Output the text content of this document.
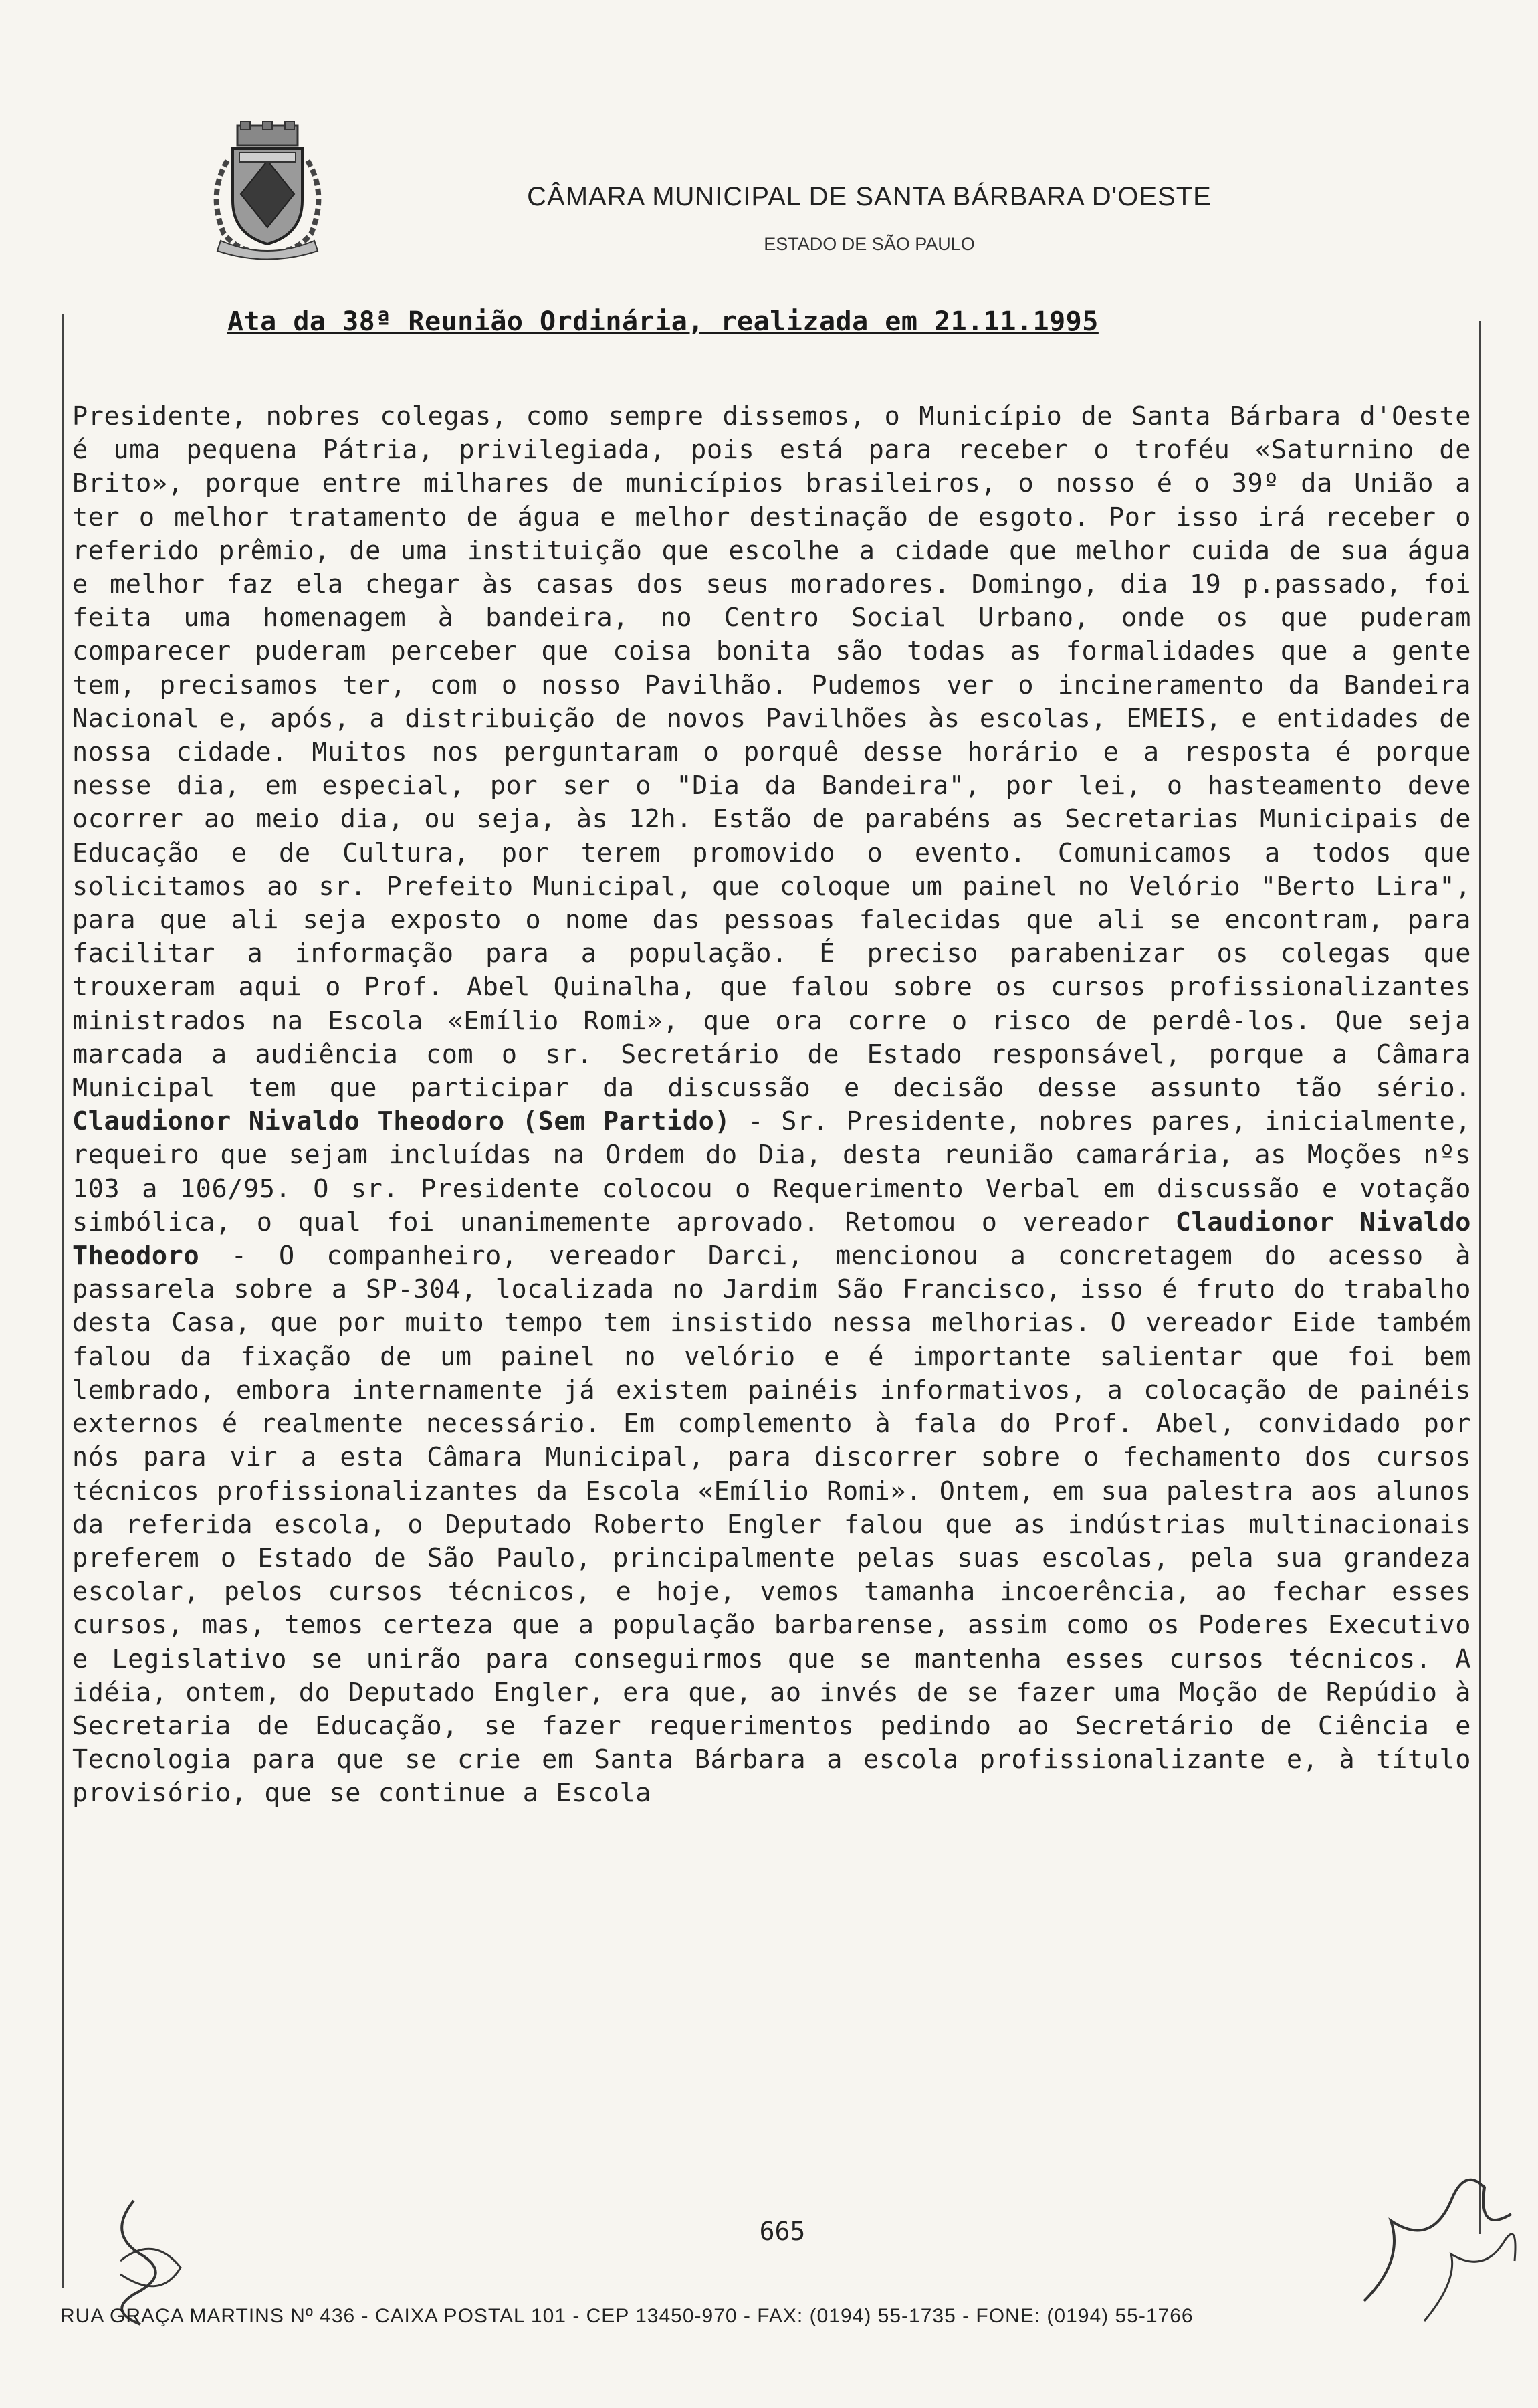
CÂMARA MUNICIPAL DE SANTA BÁRBARA D'OESTE
ESTADO DE SÃO PAULO
Ata da 38ª Reunião Ordinária, realizada em 21.11.1995

Presidente, nobres colegas, como sempre dissemos, o Município de Santa Bárbara d'Oeste é uma pequena Pátria, privilegiada, pois está para receber o troféu «Saturnino de Brito», porque entre milhares de municípios brasileiros, o nosso é o 39º da União a ter o melhor tratamento de água e melhor destinação de esgoto. Por isso irá receber o referido prêmio, de uma instituição que escolhe a cidade que melhor cuida de sua água e melhor faz ela chegar às casas dos seus moradores. Domingo, dia 19 p.passado, foi feita uma homenagem à bandeira, no Centro Social Urbano, onde os que puderam comparecer puderam perceber que coisa bonita são todas as formalidades que a gente tem, precisamos ter, com o nosso Pavilhão. Pudemos ver o incineramento da Bandeira Nacional e, após, a distribuição de novos Pavilhões às escolas, EMEIS, e entidades de nossa cidade. Muitos nos perguntaram o porquê desse horário e a resposta é porque nesse dia, em especial, por ser o "Dia da Bandeira", por lei, o hasteamento deve ocorrer ao meio dia, ou seja, às 12h. Estão de parabéns as Secretarias Municipais de Educação e de Cultura, por terem promovido o evento. Comunicamos a todos que solicitamos ao sr. Prefeito Municipal, que coloque um painel no Velório "Berto Lira", para que ali seja exposto o nome das pessoas falecidas que ali se encontram, para facilitar a informação para a população. É preciso parabenizar os colegas que trouxeram aqui o Prof. Abel Quinalha, que falou sobre os cursos profissionalizantes ministrados na Escola «Emílio Romi», que ora corre o risco de perdê-los. Que seja marcada a audiência com o sr. Secretário de Estado responsável, porque a Câmara Municipal tem que participar da discussão e decisão desse assunto tão sério. Claudionor Nivaldo Theodoro (Sem Partido) - Sr. Presidente, nobres pares, inicialmente, requeiro que sejam incluídas na Ordem do Dia, desta reunião camarária, as Moções nºs 103 a 106/95. O sr. Presidente colocou o Requerimento Verbal em discussão e votação simbólica, o qual foi unanimemente aprovado. Retomou o vereador Claudionor Nivaldo Theodoro - O companheiro, vereador Darci, mencionou a concretagem do acesso à passarela sobre a SP-304, localizada no Jardim São Francisco, isso é fruto do trabalho desta Casa, que por muito tempo tem insistido nessa melhorias. O vereador Eide também falou da fixação de um painel no velório e é importante salientar que foi bem lembrado, embora internamente já existem painéis informativos, a colocação de painéis externos é realmente necessário. Em complemento à fala do Prof. Abel, convidado por nós para vir a esta Câmara Municipal, para discorrer sobre o fechamento dos cursos técnicos profissionalizantes da Escola «Emílio Romi». Ontem, em sua palestra aos alunos da referida escola, o Deputado Roberto Engler falou que as indústrias multinacionais preferem o Estado de São Paulo, principalmente pelas suas escolas, pela sua grandeza escolar, pelos cursos técnicos, e hoje, vemos tamanha incoerência, ao fechar esses cursos, mas, temos certeza que a população barbarense, assim como os Poderes Executivo e Legislativo se unirão para conseguirmos que se mantenha esses cursos técnicos. A idéia, ontem, do Deputado Engler, era que, ao invés de se fazer uma Moção de Repúdio à Secretaria de Educação, se fazer requerimentos pedindo ao Secretário de Ciência e Tecnologia para que se crie em Santa Bárbara a escola profissionalizante e, à título provisório, que se continue a Escola

665
RUA GRAÇA MARTINS Nº 436 - CAIXA POSTAL 101 - CEP 13450-970 - FAX: (0194) 55-1735 - FONE: (0194) 55-1766
